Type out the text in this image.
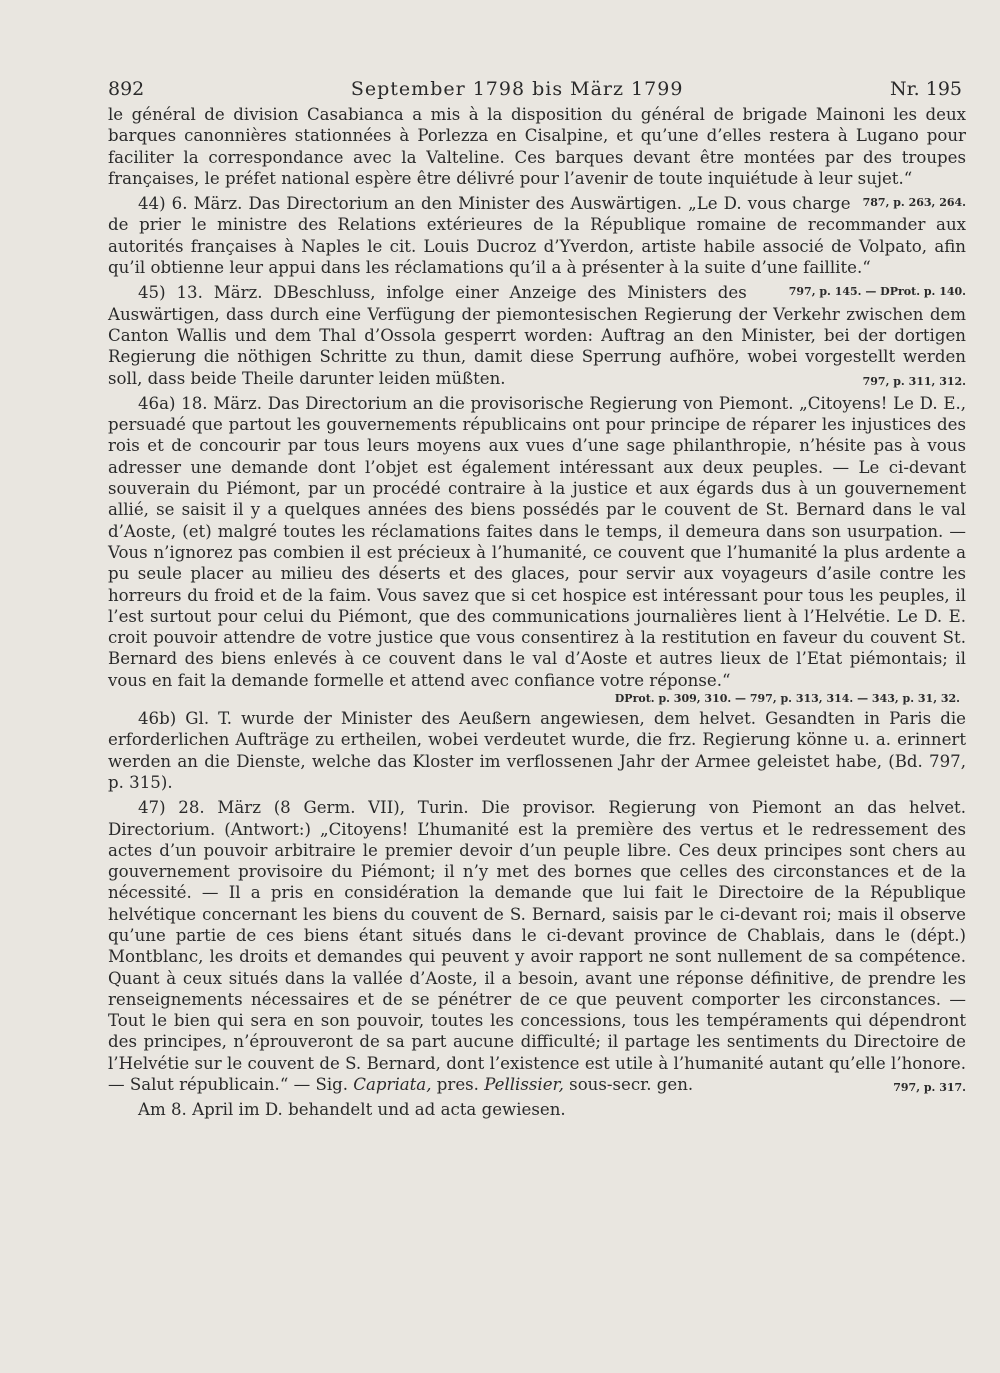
892	September 1798 bis März 1799	Nr. 195

le général de division Casabianca a mis à la disposition du général de brigade Mainoni les deux barques canonnières stationnées à Porlezza en Cisalpine, et qu’une d’elles restera à Lugano pour faciliter la correspondance avec la Valteline. Ces barques devant être montées par des troupes françaises, le préfet national espère être délivré pour l’avenir de toute inquiétude à leur sujet.“
787, p. 263, 264.

44) 6. März. Das Directorium an den Minister des Auswärtigen. „Le D. vous charge de prier le ministre des Relations extérieures de la République romaine de recommander aux autorités françaises à Naples le cit. Louis Ducroz d’Yverdon, artiste habile associé de Volpato, afin qu’il obtienne leur appui dans les réclamations qu’il a à présenter à la suite d’une faillite.“
797, p. 145. — DProt. p. 140.

45) 13. März. DBeschluss, infolge einer Anzeige des Ministers des Auswärtigen, dass durch eine Verfügung der piemontesischen Regierung der Verkehr zwischen dem Canton Wallis und dem Thal d’Ossola gesperrt worden: Auftrag an den Minister, bei der dortigen Regierung die nöthigen Schritte zu thun, damit diese Sperrung aufhöre, wobei vorgestellt werden soll, dass beide Theile darunter leiden müßten.	797, p. 311, 312.

46a) 18. März. Das Directorium an die provisorische Regierung von Piemont. „Citoyens! Le D. E., persuadé que partout les gouvernements républicains ont pour principe de réparer les injustices des rois et de concourir par tous leurs moyens aux vues d’une sage philanthropie, n’hésite pas à vous adresser une demande dont l’objet est également intéressant aux deux peuples. — Le ci-devant souverain du Piémont, par un procédé contraire à la justice et aux égards dus à un gouvernement allié, se saisit il y a quelques années des biens possédés par le couvent de St. Bernard dans le val d’Aoste, (et) malgré toutes les réclamations faites dans le temps, il demeura dans son usurpation. — Vous n’ignorez pas combien il est précieux à l’humanité, ce couvent que l’humanité la plus ardente a pu seule placer au milieu des déserts et des glaces, pour servir aux voyageurs d’asile contre les horreurs du froid et de la faim. Vous savez que si cet hospice est intéressant pour tous les peuples, il l’est surtout pour celui du Piémont, que des communications journalières lient à l’Helvétie. Le D. E. croit pouvoir attendre de votre justice que vous consentirez à la restitution en faveur du couvent St. Bernard des biens enlevés à ce couvent dans le val d’Aoste et autres lieux de l’Etat piémontais; il vous en fait la demande formelle et attend avec confiance votre réponse.“

DProt. p. 309, 310. — 797, p. 313, 314. — 343, p. 31, 32.

46b) Gl. T. wurde der Minister des Aeußern angewiesen, dem helvet. Gesandten in Paris die erforderlichen Aufträge zu ertheilen, wobei verdeutet wurde, die frz. Regierung könne u. a. erinnert werden an die Dienste, welche das Kloster im verflossenen Jahr der Armee geleistet habe, (Bd. 797, p. 315).

47) 28. März (8 Germ. VII), Turin. Die provisor. Regierung von Piemont an das helvet. Directorium. (Antwort:) „Citoyens! L’humanité est la première des vertus et le redressement des actes d’un pouvoir arbitraire le premier devoir d’un peuple libre. Ces deux principes sont chers au gouvernement provisoire du Piémont; il n’y met des bornes que celles des circonstances et de la nécessité. — Il a pris en considération la demande que lui fait le Directoire de la République helvétique concernant les biens du couvent de S. Bernard, saisis par le ci-devant roi; mais il observe qu’une partie de ces biens étant situés dans le ci-devant province de Chablais, dans le (dépt.) Montblanc, les droits et demandes qui peuvent y avoir rapport ne sont nullement de sa compétence. Quant à ceux situés dans la vallée d’Aoste, il a besoin, avant une réponse définitive, de prendre les renseignements nécessaires et de se pénétrer de ce que peuvent comporter les circonstances. — Tout le bien qui sera en son pouvoir, toutes les concessions, tous les tempéraments qui dépendront des principes, n’éprouveront de sa part aucune difficulté; il partage les sentiments du Directoire de l’Helvétie sur le couvent de S. Bernard, dont l’existence est utile à l’humanité autant qu’elle l’honore. — Salut républicain.“ — Sig. Capriata, pres. Pellissier, sous-secr. gen.	797, p. 317.

Am 8. April im D. behandelt und ad acta gewiesen.
